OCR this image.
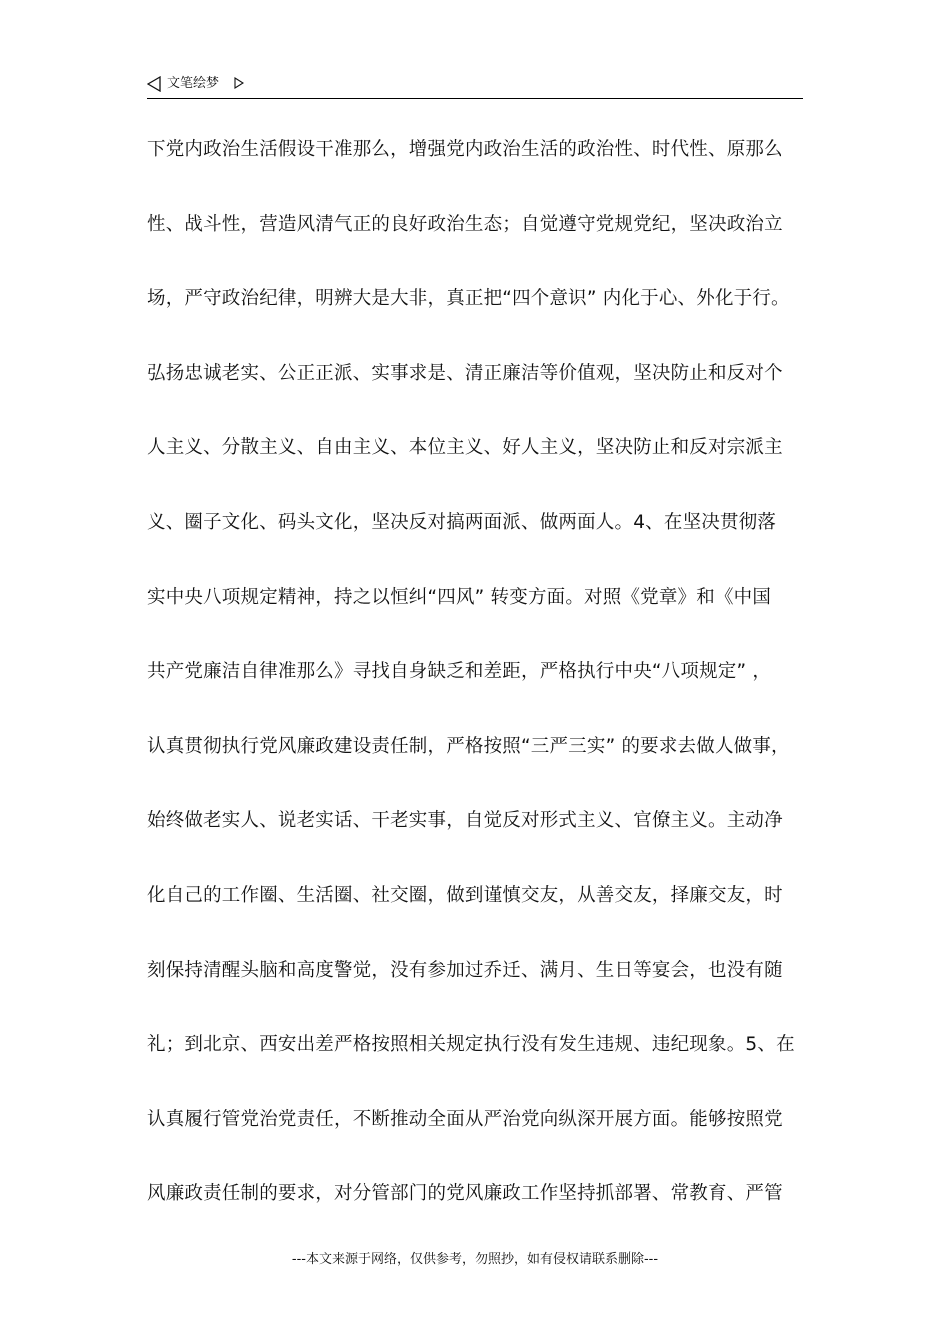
文笔绘梦
下党内政治生活假设干准那么，增强党内政治生活的政治性、时代性、原那么
性、战斗性，营造风清气正的良好政治生态；自觉遵守党规党纪，坚决政治立
场，严守政治纪律，明辨大是大非，真正把“四个意识” 内化于心、外化于行。
弘扬忠诚老实、公正正派、实事求是、清正廉洁等价值观，坚决防止和反对个
人主义、分散主义、自由主义、本位主义、好人主义，坚决防止和反对宗派主
义、圈子文化、码头文化，坚决反对搞两面派、做两面人。4、在坚决贯彻落
实中央八项规定精神，持之以恒纠“四风” 转变方面。对照《党章》和《中国
共产党廉洁自律准那么》寻找自身缺乏和差距，严格执行中央“八项规定” ，
认真贯彻执行党风廉政建设责任制，严格按照“三严三实” 的要求去做人做事，
始终做老实人、说老实话、干老实事，自觉反对形式主义、官僚主义。主动净
化自己的工作圈、生活圈、社交圈，做到谨慎交友，从善交友，择廉交友，时
刻保持清醒头脑和高度警觉，没有参加过乔迁、满月、生日等宴会，也没有随
礼；到北京、西安出差严格按照相关规定执行没有发生违规、违纪现象。5、在
认真履行管党治党责任，不断推动全面从严治党向纵深开展方面。能够按照党
风廉政责任制的要求，对分管部门的党风廉政工作坚持抓部署、常教育、严管
---本文来源于网络，仅供参考，勿照抄，如有侵权请联系删除---
